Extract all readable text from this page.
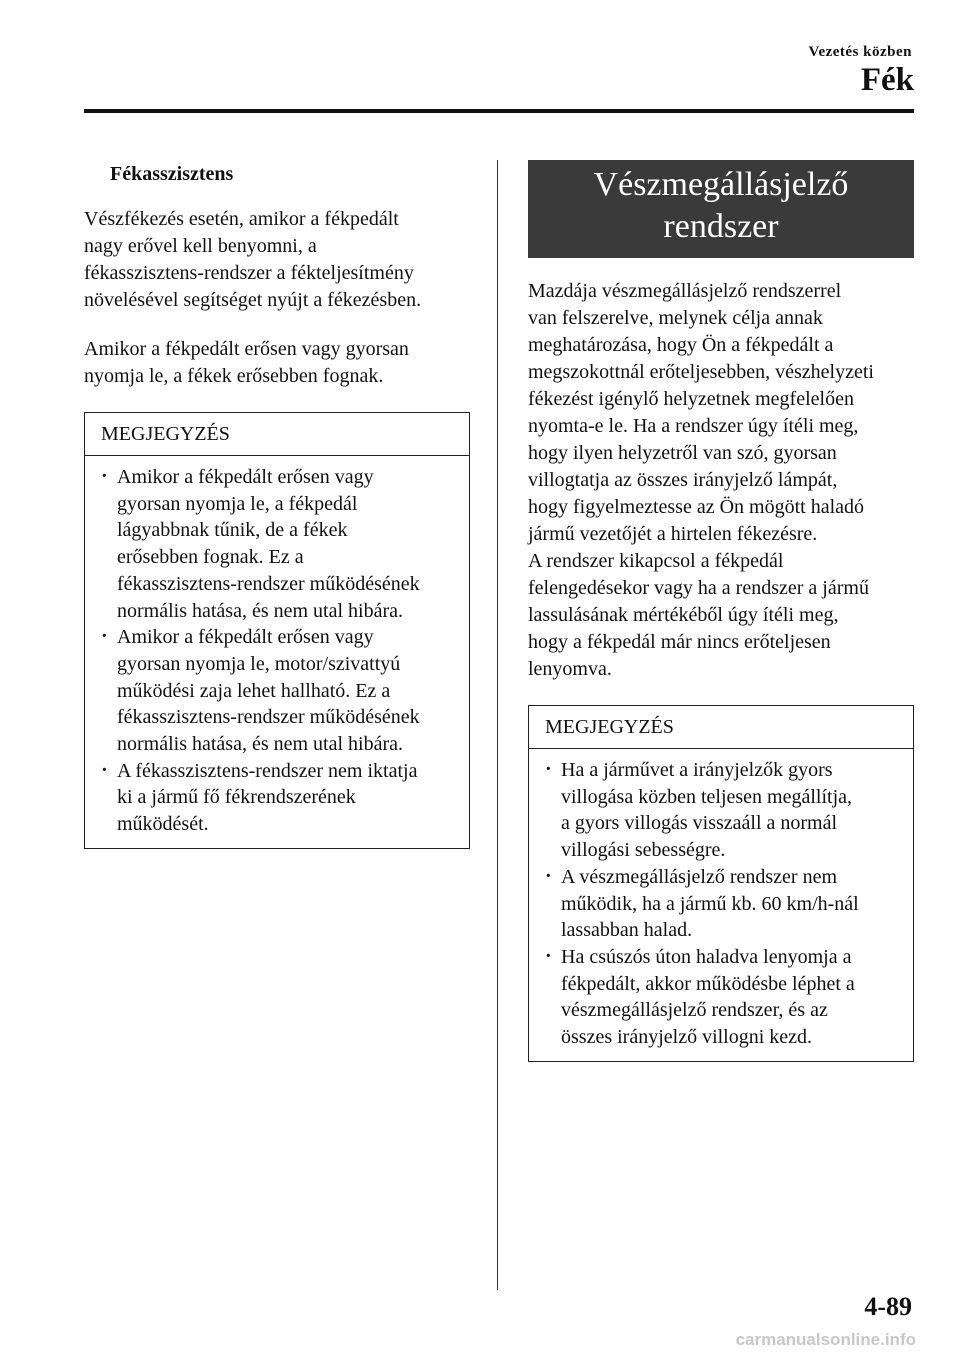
Vezetés közben
Fék
Fékasszisztens

Vészfékezés esetén, amikor a fékpedált
nagy erővel kell benyomni, a
fékasszisztens-rendszer a fékteljesítmény
növelésével segítséget nyújt a fékezésben.

Amikor a fékpedált erősen vagy gyorsan
nyomja le, a fékek erősebben fognak.

MEGJEGYZÉS
· Amikor a fékpedált erősen vagy
gyorsan nyomja le, a fékpedál
lágyabbnak tűnik, de a fékek
erősebben fognak. Ez a
fékasszisztens-rendszer működésének
normális hatása, és nem utal hibára.
· Amikor a fékpedált erősen vagy
gyorsan nyomja le, motor/szivattyú
működési zaja lehet hallható. Ez a
fékasszisztens-rendszer működésének
normális hatása, és nem utal hibára.
· A fékasszisztens-rendszer nem iktatja
ki a jármű fő fékrendszerének
működését.
Vészmegállásjelző
rendszer

Mazdája vészmegállásjelző rendszerrel
van felszerelve, melynek célja annak
meghatározása, hogy Ön a fékpedált a
megszokottnál erőteljesebben, vészhelyzeti
fékezést igénylő helyzetnek megfelelően
nyomta-e le. Ha a rendszer úgy ítéli meg,
hogy ilyen helyzetről van szó, gyorsan
villogtatja az összes irányjelző lámpát,
hogy figyelmeztesse az Ön mögött haladó
jármű vezetőjét a hirtelen fékezésre.
A rendszer kikapcsol a fékpedál
felengedésekor vagy ha a rendszer a jármű
lassulásának mértékéből úgy ítéli meg,
hogy a fékpedál már nincs erőteljesen
lenyomva.

MEGJEGYZÉS
· Ha a járművet a irányjelzők gyors
villogása közben teljesen megállítja,
a gyors villogás visszaáll a normál
villogási sebességre.
· A vészmegállásjelző rendszer nem
működik, ha a jármű kb. 60 km/h-nál
lassabban halad.
· Ha csúszós úton haladva lenyomja a
fékpedált, akkor működésbe léphet a
vészmegállásjelző rendszer, és az
összes irányjelző villogni kezd.
4-89
carmanualsonline.info
